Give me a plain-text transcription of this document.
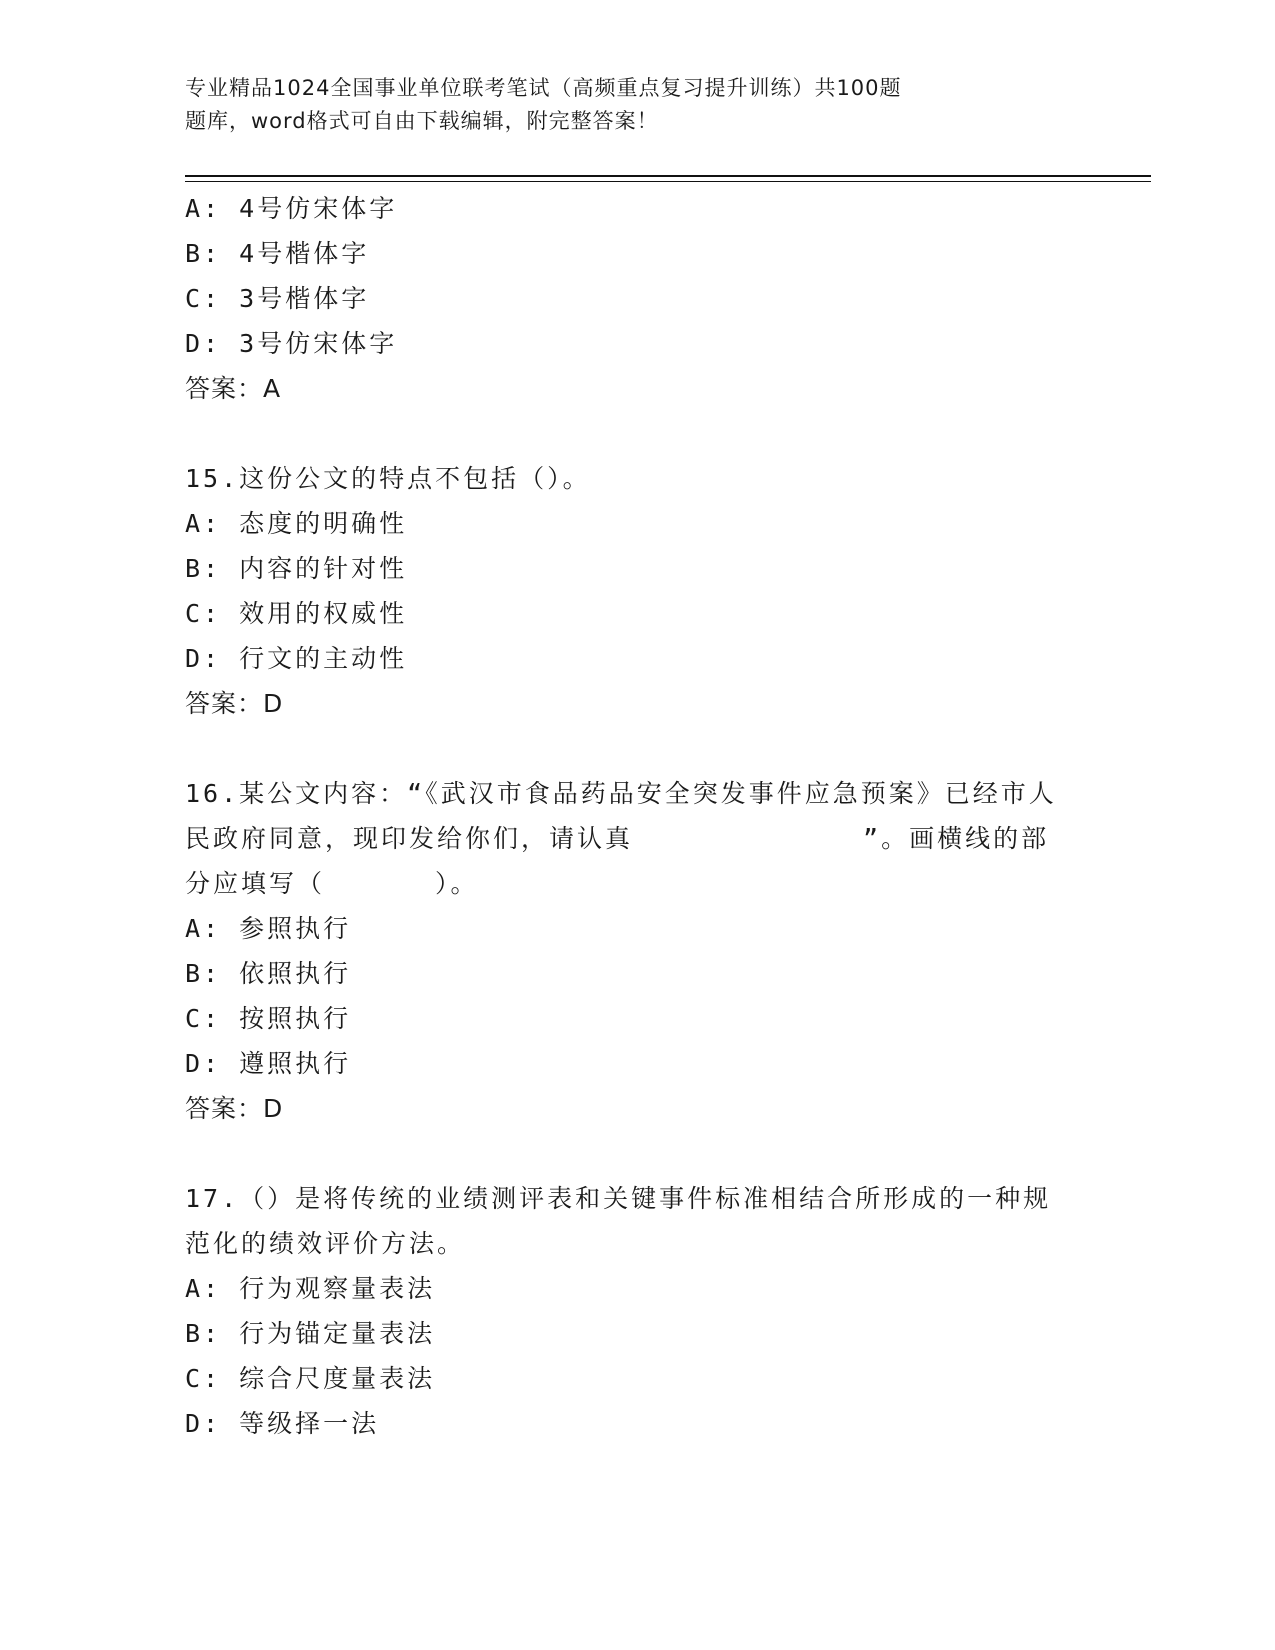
专业精品1024全国事业单位联考笔试（高频重点复习提升训练）共100题
题库，word格式可自由下载编辑，附完整答案！
A: 4号仿宋体字
B: 4号楷体字
C: 3号楷体字
D: 3号仿宋体字
答案：A
15.这份公文的特点不包括（）。
A: 态度的明确性
B: 内容的针对性
C: 效用的权威性
D: 行文的主动性
答案：D
16.某公文内容：“《武汉市食品药品安全突发事件应急预案》已经市人民政府同意，现印发给你们，请认真	”。画横线的部分应填写（	）。
A: 参照执行
B: 依照执行
C: 按照执行
D: 遵照执行
答案：D
17.（）是将传统的业绩测评表和关键事件标准相结合所形成的一种规范化的绩效评价方法。
A: 行为观察量表法
B: 行为锚定量表法
C: 综合尺度量表法
D: 等级择一法
